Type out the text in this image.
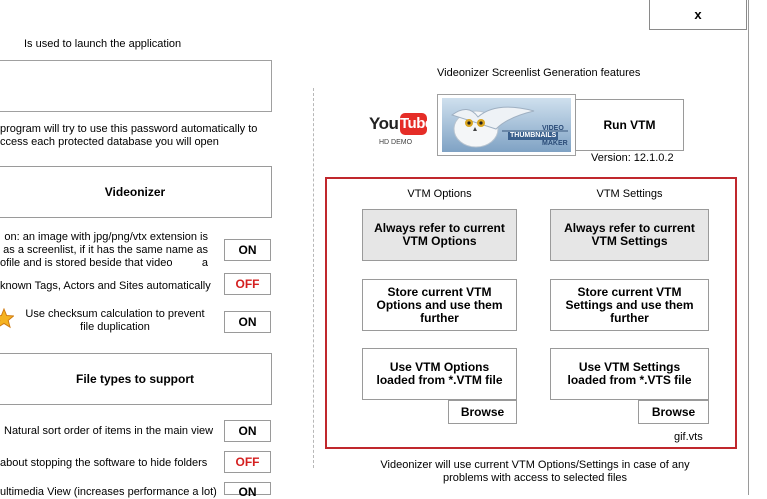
x
Is used to launch the application
program will try to use this password automatically to
ccess each protected database you will open
Videonizer
on: an image with jpg/png/vtx extension is
as a screenlist, if it has the same name as a
ofile and is stored beside that video
ON
known Tags, Actors and Sites automatically	OFF
Use checksum calculation to prevent
file duplication	ON
File types to support
Natural sort order of items in the main view	ON
about stopping the software to hide folders	OFF
ultimedia View (increases performance a lot)	ON
Videonizer Screenlist Generation features
You Tube
HD DEMO
VIDEO
THUMBNAILS
MAKER
Run VTM
Version: 12.1.0.2
VTM Options	VTM Settings
Always refer to current VTM Options
Always refer to current VTM Settings
Store current VTM Options and use them further
Store current VTM Settings and use them further
Use VTM Options loaded from *.VTM file
Use VTM Settings loaded from *.VTS file
Browse	Browse
gif.vts
Videonizer will use current VTM Options/Settings in case of any
problems with access to selected files
